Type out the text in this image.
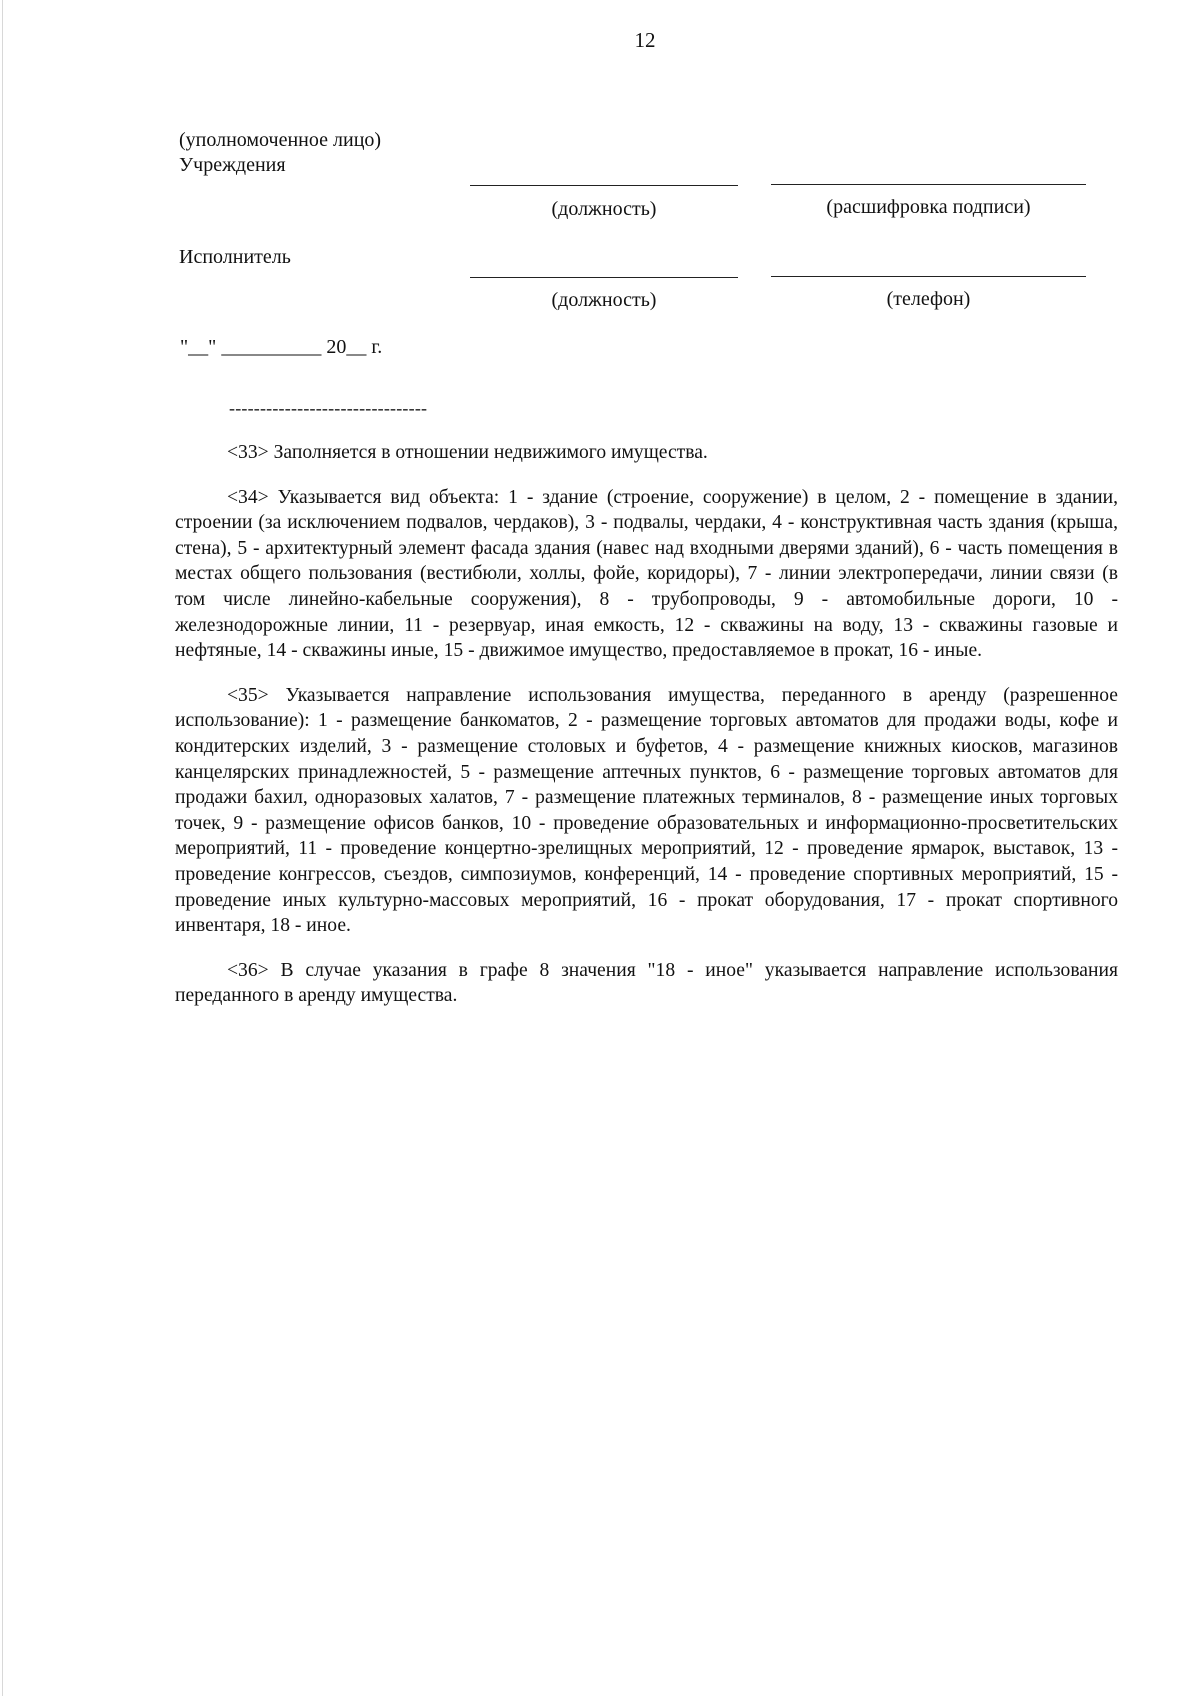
12
(уполномоченное лицо)
Учреждения
(должность)	(расшифровка подписи)
Исполнитель
(должность)	(телефон)
"__" __________ 20__ г.
--------------------------------

<33> Заполняется в отношении недвижимого имущества.

<34> Указывается вид объекта: 1 - здание (строение, сооружение) в целом, 2 - помещение в здании, строении (за исключением подвалов, чердаков), 3 - подвалы, чердаки, 4 - конструктивная часть здания (крыша, стена), 5 - архитектурный элемент фасада здания (навес над входными дверями зданий), 6 - часть помещения в местах общего пользования (вестибюли, холлы, фойе, коридоры), 7 - линии электропередачи, линии связи (в том числе линейно-кабельные сооружения), 8 - трубопроводы, 9 - автомобильные дороги, 10 - железнодорожные линии, 11 - резервуар, иная емкость, 12 - скважины на воду, 13 - скважины газовые и нефтяные, 14 - скважины иные, 15 - движимое имущество, предоставляемое в прокат, 16 - иные.

<35> Указывается направление использования имущества, переданного в аренду (разрешенное использование): 1 - размещение банкоматов, 2 - размещение торговых автоматов для продажи воды, кофе и кондитерских изделий, 3 - размещение столовых и буфетов, 4 - размещение книжных киосков, магазинов канцелярских принадлежностей, 5 - размещение аптечных пунктов, 6 - размещение торговых автоматов для продажи бахил, одноразовых халатов, 7 - размещение платежных терминалов, 8 - размещение иных торговых точек, 9 - размещение офисов банков, 10 - проведение образовательных и информационно-просветительских мероприятий, 11 - проведение концертно-зрелищных мероприятий, 12 - проведение ярмарок, выставок, 13 - проведение конгрессов, съездов, симпозиумов, конференций, 14 - проведение спортивных мероприятий, 15 - проведение иных культурно-массовых мероприятий, 16 - прокат оборудования, 17 - прокат спортивного инвентаря, 18 - иное.

<36> В случае указания в графе 8 значения "18 - иное" указывается направление использования переданного в аренду имущества.
